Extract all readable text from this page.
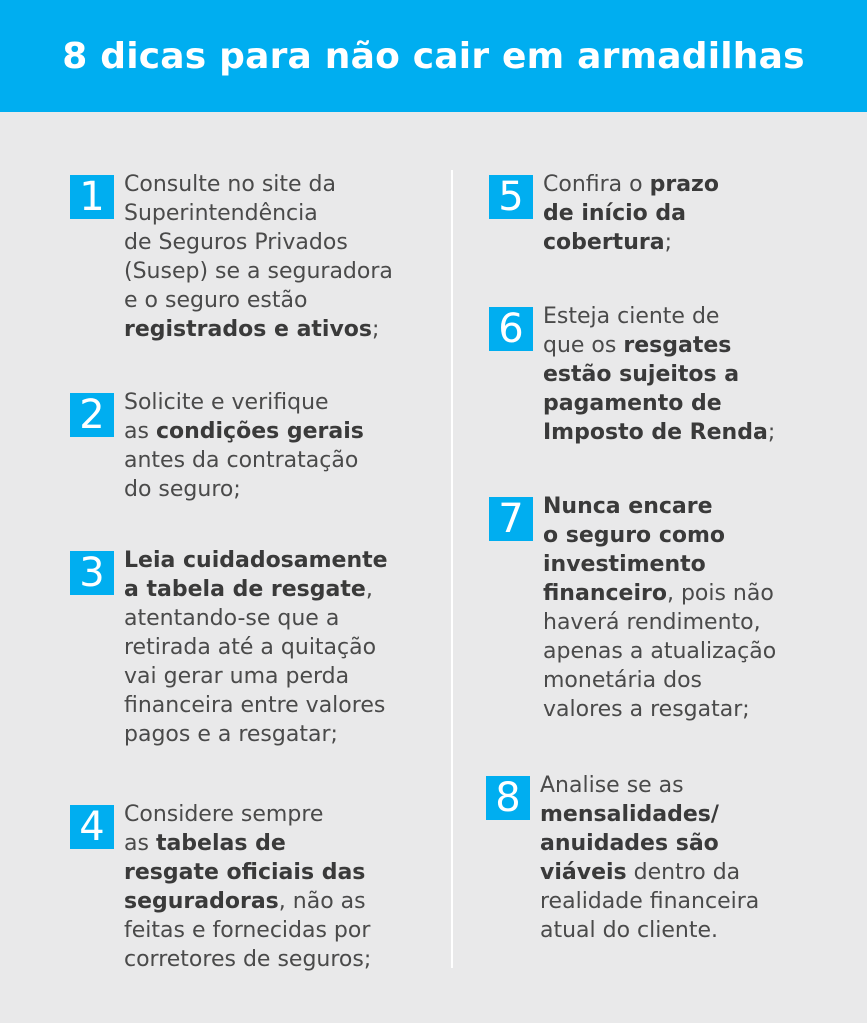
8 dicas para não cair em armadilhas
1 Consulte no site da
Superintendência
de Seguros Privados
(Susep) se a seguradora
e o seguro estão
registrados e ativos;
2 Solicite e verifique
as condições gerais
antes da contratação
do seguro;
3 Leia cuidadosamente
a tabela de resgate,
atentando-se que a
retirada até a quitação
vai gerar uma perda
financeira entre valores
pagos e a resgatar;
4 Considere sempre
as tabelas de
resgate oficiais das
seguradoras, não as
feitas e fornecidas por
corretores de seguros;
5 Confira o prazo
de início da
cobertura;
6 Esteja ciente de
que os resgates
estão sujeitos a
pagamento de
Imposto de Renda;
7 Nunca encare
o seguro como
investimento
financeiro, pois não
haverá rendimento,
apenas a atualização
monetária dos
valores a resgatar;
8 Analise se as
mensalidades/
anuidades são
viáveis dentro da
realidade financeira
atual do cliente.
